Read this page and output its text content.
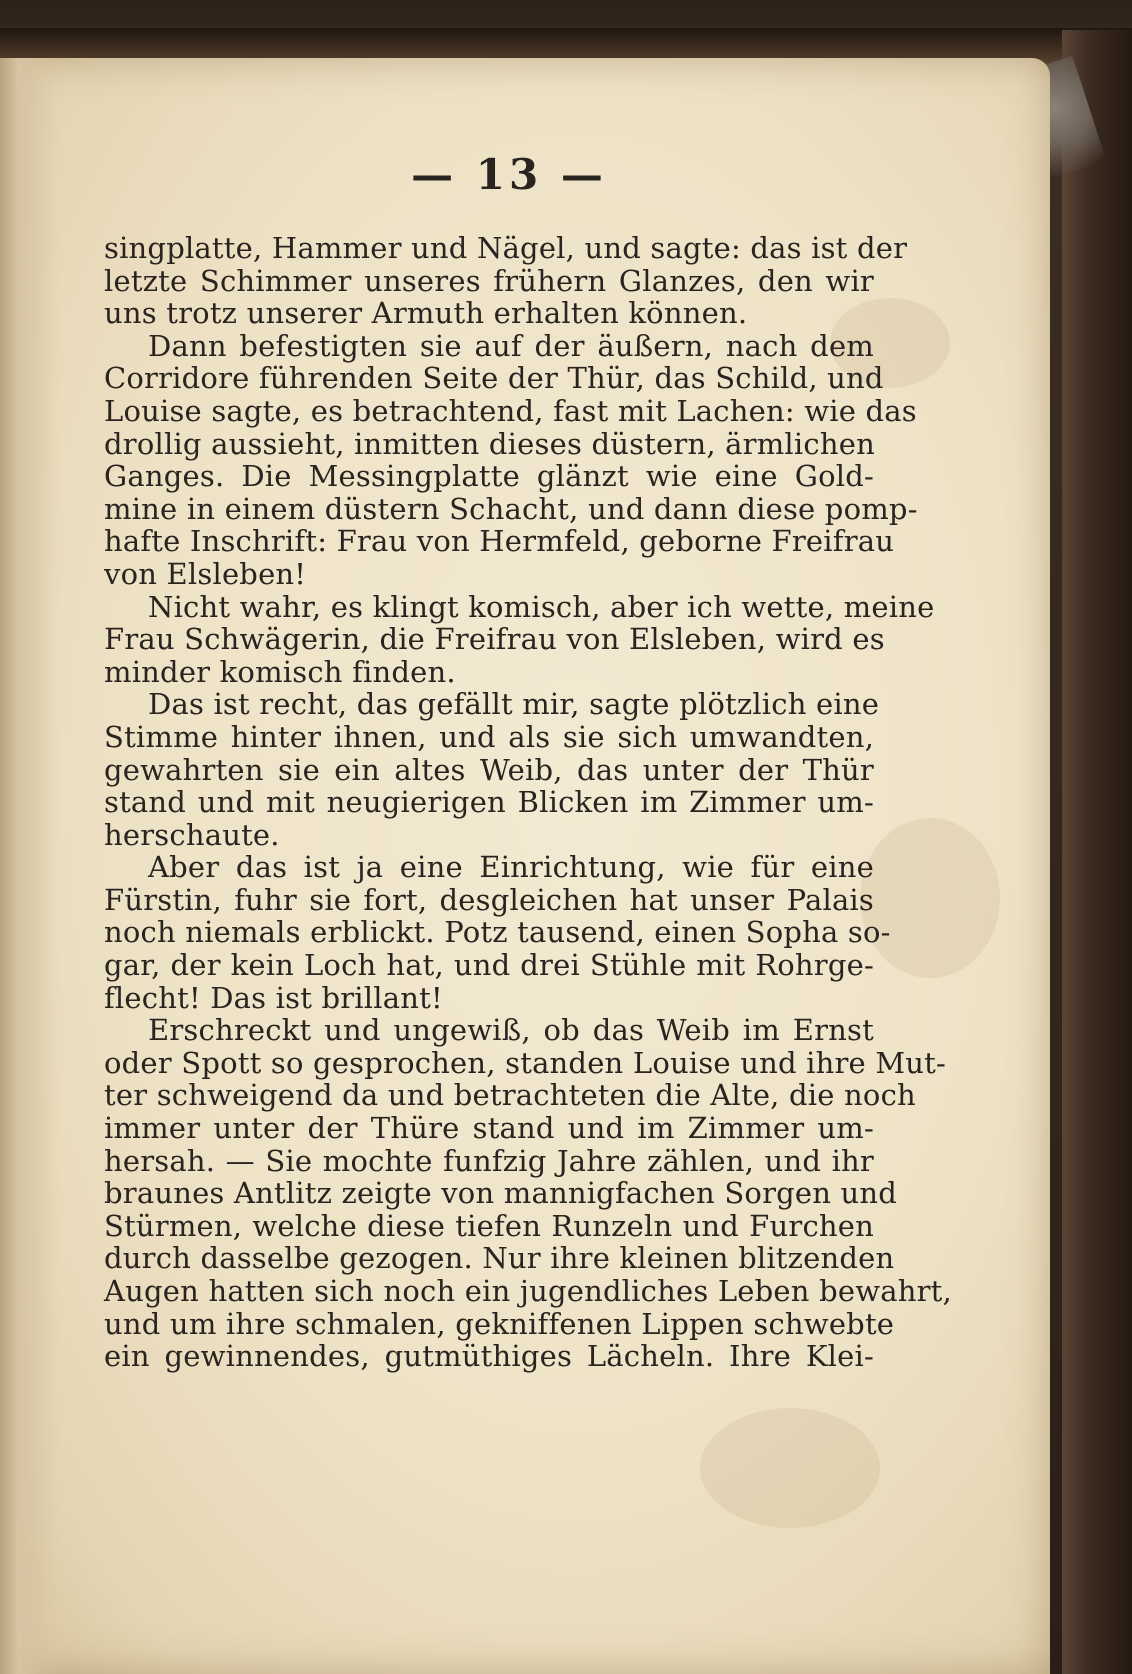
— 13 —
singplatte, Hammer und Nägel, und sagte: das ist der
letzte Schimmer unseres frühern Glanzes, den wir
uns trotz unserer Armuth erhalten können.
Dann befestigten sie auf der äußern, nach dem
Corridore führenden Seite der Thür, das Schild, und
Louise sagte, es betrachtend, fast mit Lachen: wie das
drollig aussieht, inmitten dieses düstern, ärmlichen
Ganges. Die Messingplatte glänzt wie eine Gold-
mine in einem düstern Schacht, und dann diese pomp-
hafte Inschrift: Frau von Hermfeld, geborne Freifrau
von Elsleben!
Nicht wahr, es klingt komisch, aber ich wette, meine
Frau Schwägerin, die Freifrau von Elsleben, wird es
minder komisch finden.
Das ist recht, das gefällt mir, sagte plötzlich eine
Stimme hinter ihnen, und als sie sich umwandten,
gewahrten sie ein altes Weib, das unter der Thür
stand und mit neugierigen Blicken im Zimmer um-
herschaute.
Aber das ist ja eine Einrichtung, wie für eine
Fürstin, fuhr sie fort, desgleichen hat unser Palais
noch niemals erblickt. Potz tausend, einen Sopha so-
gar, der kein Loch hat, und drei Stühle mit Rohrge-
flecht! Das ist brillant!
Erschreckt und ungewiß, ob das Weib im Ernst
oder Spott so gesprochen, standen Louise und ihre Mut-
ter schweigend da und betrachteten die Alte, die noch
immer unter der Thüre stand und im Zimmer um-
hersah. — Sie mochte funfzig Jahre zählen, und ihr
braunes Antlitz zeigte von mannigfachen Sorgen und
Stürmen, welche diese tiefen Runzeln und Furchen
durch dasselbe gezogen. Nur ihre kleinen blitzenden
Augen hatten sich noch ein jugendliches Leben bewahrt,
und um ihre schmalen, gekniffenen Lippen schwebte
ein gewinnendes, gutmüthiges Lächeln. Ihre Klei-
